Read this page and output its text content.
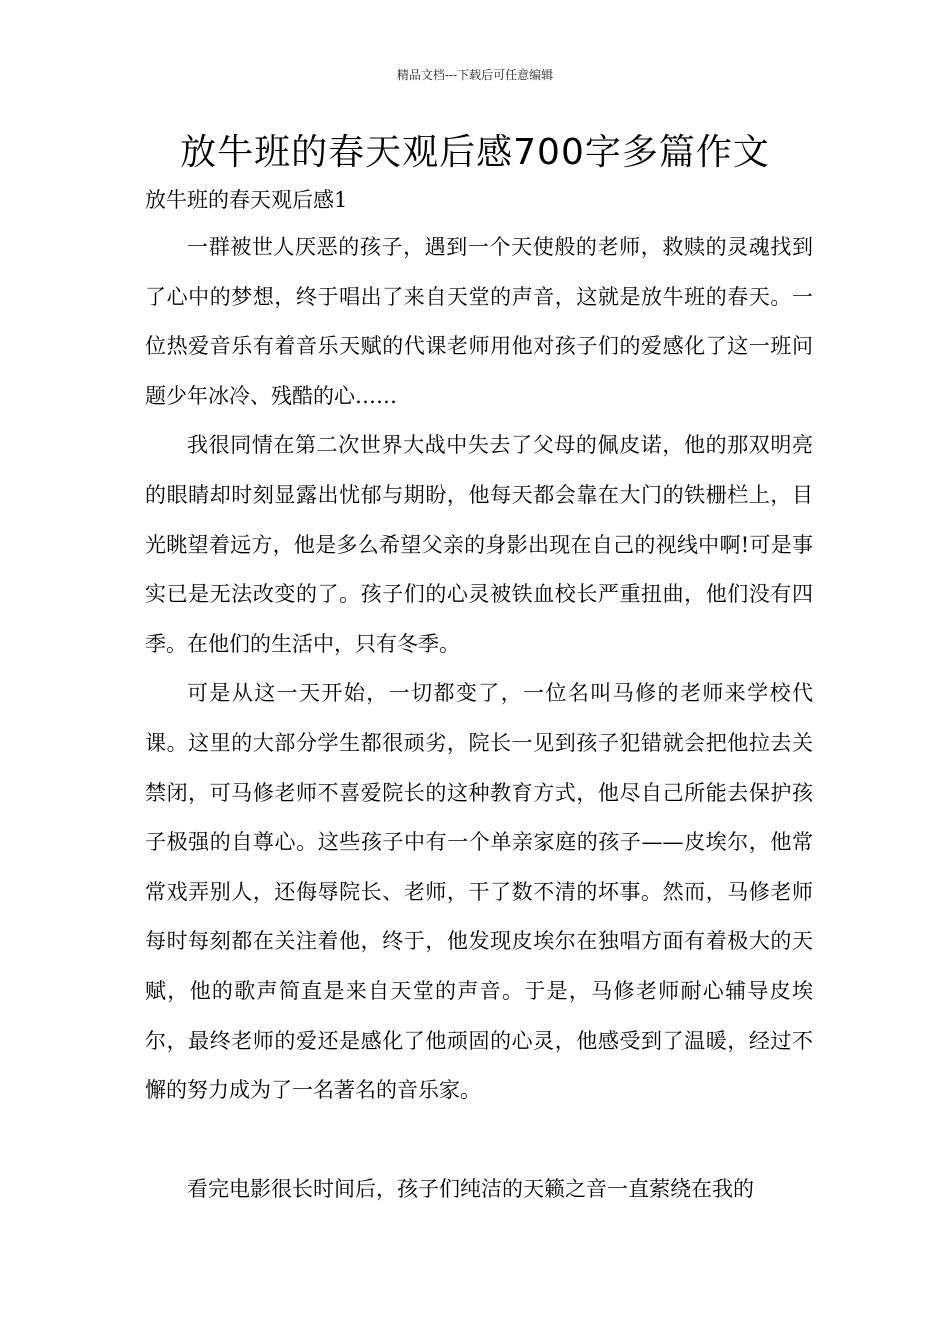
精品文档---下载后可任意编辑
放牛班的春天观后感700字多篇作文

放牛班的春天观后感1

一群被世人厌恶的孩子，遇到一个天使般的老师，救赎的灵魂找到了心中的梦想，终于唱出了来自天堂的声音，这就是放牛班的春天。一位热爱音乐有着音乐天赋的代课老师用他对孩子们的爱感化了这一班问题少年冰冷、残酷的心……

我很同情在第二次世界大战中失去了父母的佩皮诺，他的那双明亮的眼睛却时刻显露出忧郁与期盼，他每天都会靠在大门的铁栅栏上，目光眺望着远方，他是多么希望父亲的身影出现在自己的视线中啊!可是事实已是无法改变的了。孩子们的心灵被铁血校长严重扭曲，他们没有四季。在他们的生活中，只有冬季。

可是从这一天开始，一切都变了，一位名叫马修的老师来学校代课。这里的大部分学生都很顽劣，院长一见到孩子犯错就会把他拉去关禁闭，可马修老师不喜爱院长的这种教育方式，他尽自己所能去保护孩子极强的自尊心。这些孩子中有一个单亲家庭的孩子——皮埃尔，他常常戏弄别人，还侮辱院长、老师，干了数不清的坏事。然而，马修老师每时每刻都在关注着他，终于，他发现皮埃尔在独唱方面有着极大的天赋，他的歌声简直是来自天堂的声音。于是，马修老师耐心辅导皮埃尔，最终老师的爱还是感化了他顽固的心灵，他感受到了温暖，经过不懈的努力成为了一名著名的音乐家。

看完电影很长时间后，孩子们纯洁的天籁之音一直萦绕在我的
